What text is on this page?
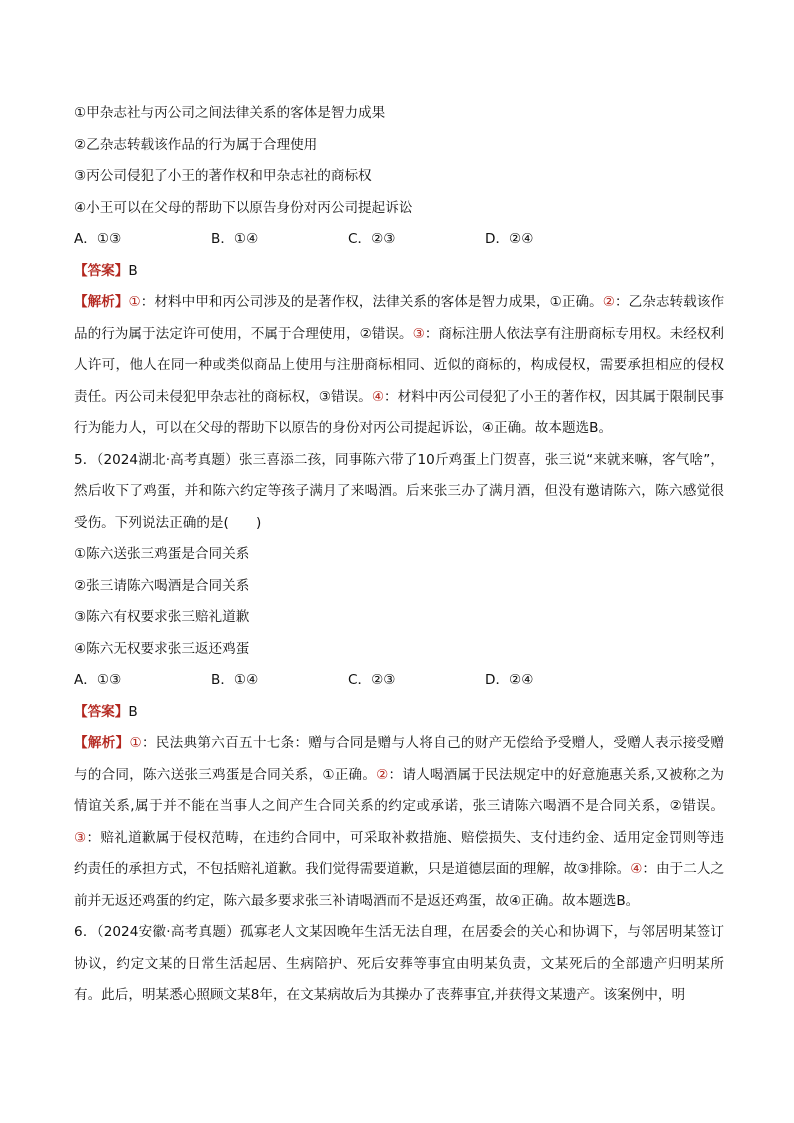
①甲杂志社与丙公司之间法律关系的客体是智力成果
②乙杂志转载该作品的行为属于合理使用
③丙公司侵犯了小王的著作权和甲杂志社的商标权
④小王可以在父母的帮助下以原告身份对丙公司提起诉讼
A．①③	B．①④	C．②③	D．②④
【答案】B
【解析】①：材料中甲和丙公司涉及的是著作权，法律关系的客体是智力成果，①正确。②：乙杂志转载该作品的行为属于法定许可使用，不属于合理使用，②错误。③：商标注册人依法享有注册商标专用权。未经权利人许可，他人在同一种或类似商品上使用与注册商标相同、近似的商标的，构成侵权，需要承担相应的侵权责任。丙公司未侵犯甲杂志社的商标权，③错误。④：材料中丙公司侵犯了小王的著作权，因其属于限制民事行为能力人，可以在父母的帮助下以原告的身份对丙公司提起诉讼，④正确。故本题选B。
5．（2024湖北·高考真题）张三喜添二孩，同事陈六带了10斤鸡蛋上门贺喜，张三说“来就来嘛，客气啥”，然后收下了鸡蛋，并和陈六约定等孩子满月了来喝酒。后来张三办了满月酒，但没有邀请陈六，陈六感觉很受伤。下列说法正确的是(　　)
①陈六送张三鸡蛋是合同关系
②张三请陈六喝酒是合同关系
③陈六有权要求张三赔礼道歉
④陈六无权要求张三返还鸡蛋
A．①③	B．①④	C．②③	D．②④
【答案】B
【解析】①：民法典第六百五十七条：赠与合同是赠与人将自己的财产无偿给予受赠人，受赠人表示接受赠与的合同，陈六送张三鸡蛋是合同关系，①正确。②：请人喝酒属于民法规定中的好意施惠关系,又被称之为情谊关系,属于并不能在当事人之间产生合同关系的约定或承诺，张三请陈六喝酒不是合同关系，②错误。③：赔礼道歉属于侵权范畴，在违约合同中，可采取补救措施、赔偿损失、支付违约金、适用定金罚则等违约责任的承担方式，不包括赔礼道歉。我们觉得需要道歉，只是道德层面的理解，故③排除。④：由于二人之前并无返还鸡蛋的约定，陈六最多要求张三补请喝酒而不是返还鸡蛋，故④正确。故本题选B。
6．（2024安徽·高考真题）孤寡老人文某因晚年生活无法自理，在居委会的关心和协调下，与邻居明某签订协议，约定文某的日常生活起居、生病陪护、死后安葬等事宜由明某负责，文某死后的全部遗产归明某所有。此后，明某悉心照顾文某8年，在文某病故后为其操办了丧葬事宜,并获得文某遗产。该案例中，明
